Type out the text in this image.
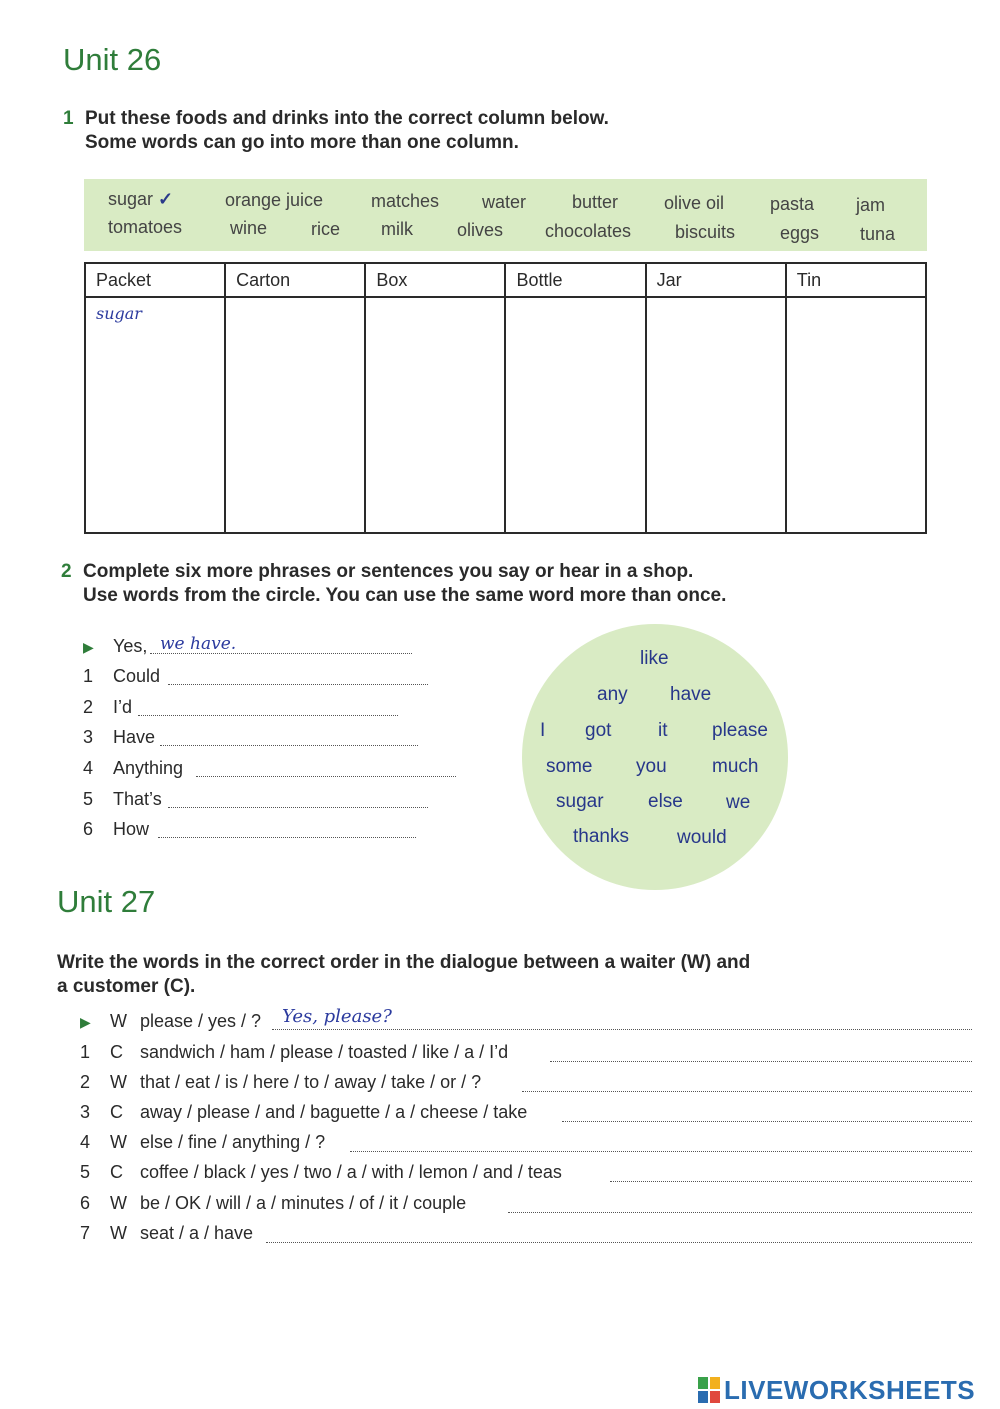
Unit 26
1 Put these foods and drinks into the correct column below.
Some words can go into more than one column.
sugar ✓	orange juice	matches water	butter	olive oil	pasta jam
tomatoes	wine rice milk olives chocolates biscuits eggs tuna
Packet	Carton	Box	Bottle	Jar	Tin
sugar					
2 Complete six more phrases or sentences you say or hear in a shop.
Use words from the circle. You can use the same word more than once.
▶ Yes, we have.
1 Could
2 I’d
3 Have
4 Anything
5 That’s
6 How
like
any have
I got it please
some you much
sugar else we
thanks	would
Unit 27
Write the words in the correct order in the dialogue between a waiter (W) and
a customer (C).
▶ W please / yes / ? Yes, please?
1 C sandwich / ham / please / toasted / like / a / I’d
2 W that / eat / is / here / to / away / take / or / ?
3 C away / please / and / baguette / a / cheese / take
4 W else / fine / anything / ?
5 C coffee / black / yes / two / a / with / lemon / and / teas
6 W be / OK / will / a / minutes / of / it / couple
7 W seat / a / have
LIVEWORKSHEETS
